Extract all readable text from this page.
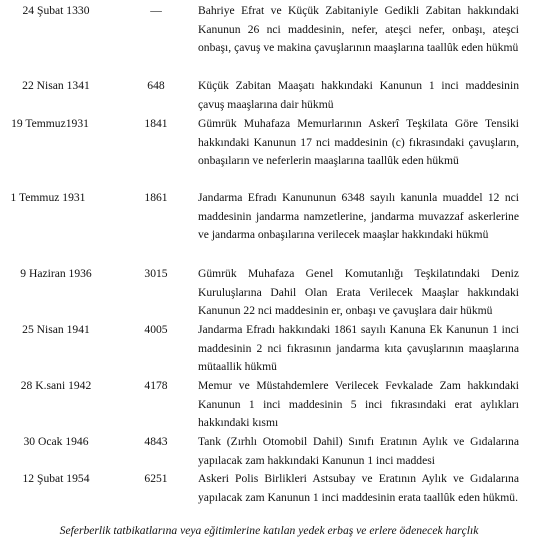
24 Şubat 1330	—	Bahriye Efrat ve Küçük Zabitaniyle Gedikli Zabitan hakkındaki Kanunun 26 nci maddesinin, nefer, ateşci nefer, onbaşı, ateşci onbaşı, çavuş ve makina çavuşlarının maaşlarına taallûk eden hükmü
22 Nisan 1341	648	Küçük Zabitan Maaşatı hakkındaki Kanunun 1 inci maddesinin çavuş maaşlarına dair hükmü
19 Temmuz1931	1841	Gümrük Muhafaza Memurlarının Askerî Teşkilata Göre Tensiki hakkındaki Kanunun 17 nci maddesinin (c) fıkrasındaki çavuşların, onbaşıların ve neferlerin maaşlarına taallûk eden hükmü
1 Temmuz 1931	1861	Jandarma Efradı Kanununun 6348 sayılı kanunla muaddel 12 nci maddesinin jandarma namzetlerine, jandarma muvazzaf askerlerine ve jandarma onbaşılarına verilecek maaşlar hakkındaki hükmü
9 Haziran 1936	3015	Gümrük Muhafaza Genel Komutanlığı Teşkilatındaki Deniz Kuruluşlarına Dahil Olan Erata Verilecek Maaşlar hakkındaki Kanunun 22 nci maddesinin er, onbaşı ve çavuşlara dair hükmü
25 Nisan 1941	4005	Jandarma Efradı hakkındaki 1861 sayılı Kanuna Ek Kanunun 1 inci maddesinin 2 nci fıkrasının jandarma kıta çavuşlarının maaşlarına mütaallik hükmü
28 K.sani 1942	4178	Memur ve Müstahdemlere Verilecek Fevkalade Zam hakkındaki Kanunun 1 inci maddesinin 5 inci fıkrasındaki erat aylıkları hakkındaki kısmı
30 Ocak 1946	4843	Tank (Zırhlı Otomobil Dahil) Sınıfı Eratının Aylık ve Gıdalarına yapılacak zam hakkındaki Kanunun 1 inci maddesi
12 Şubat 1954	6251	Askeri Polis Birlikleri Astsubay ve Eratının Aylık ve Gıdalarına yapılacak zam Kanunun 1 inci maddesinin erata taallûk eden hükmü.
Seferberlik tatbikatlarına veya eğitimlerine katılan yedek erbaş ve erlere ödenecek harçlık
